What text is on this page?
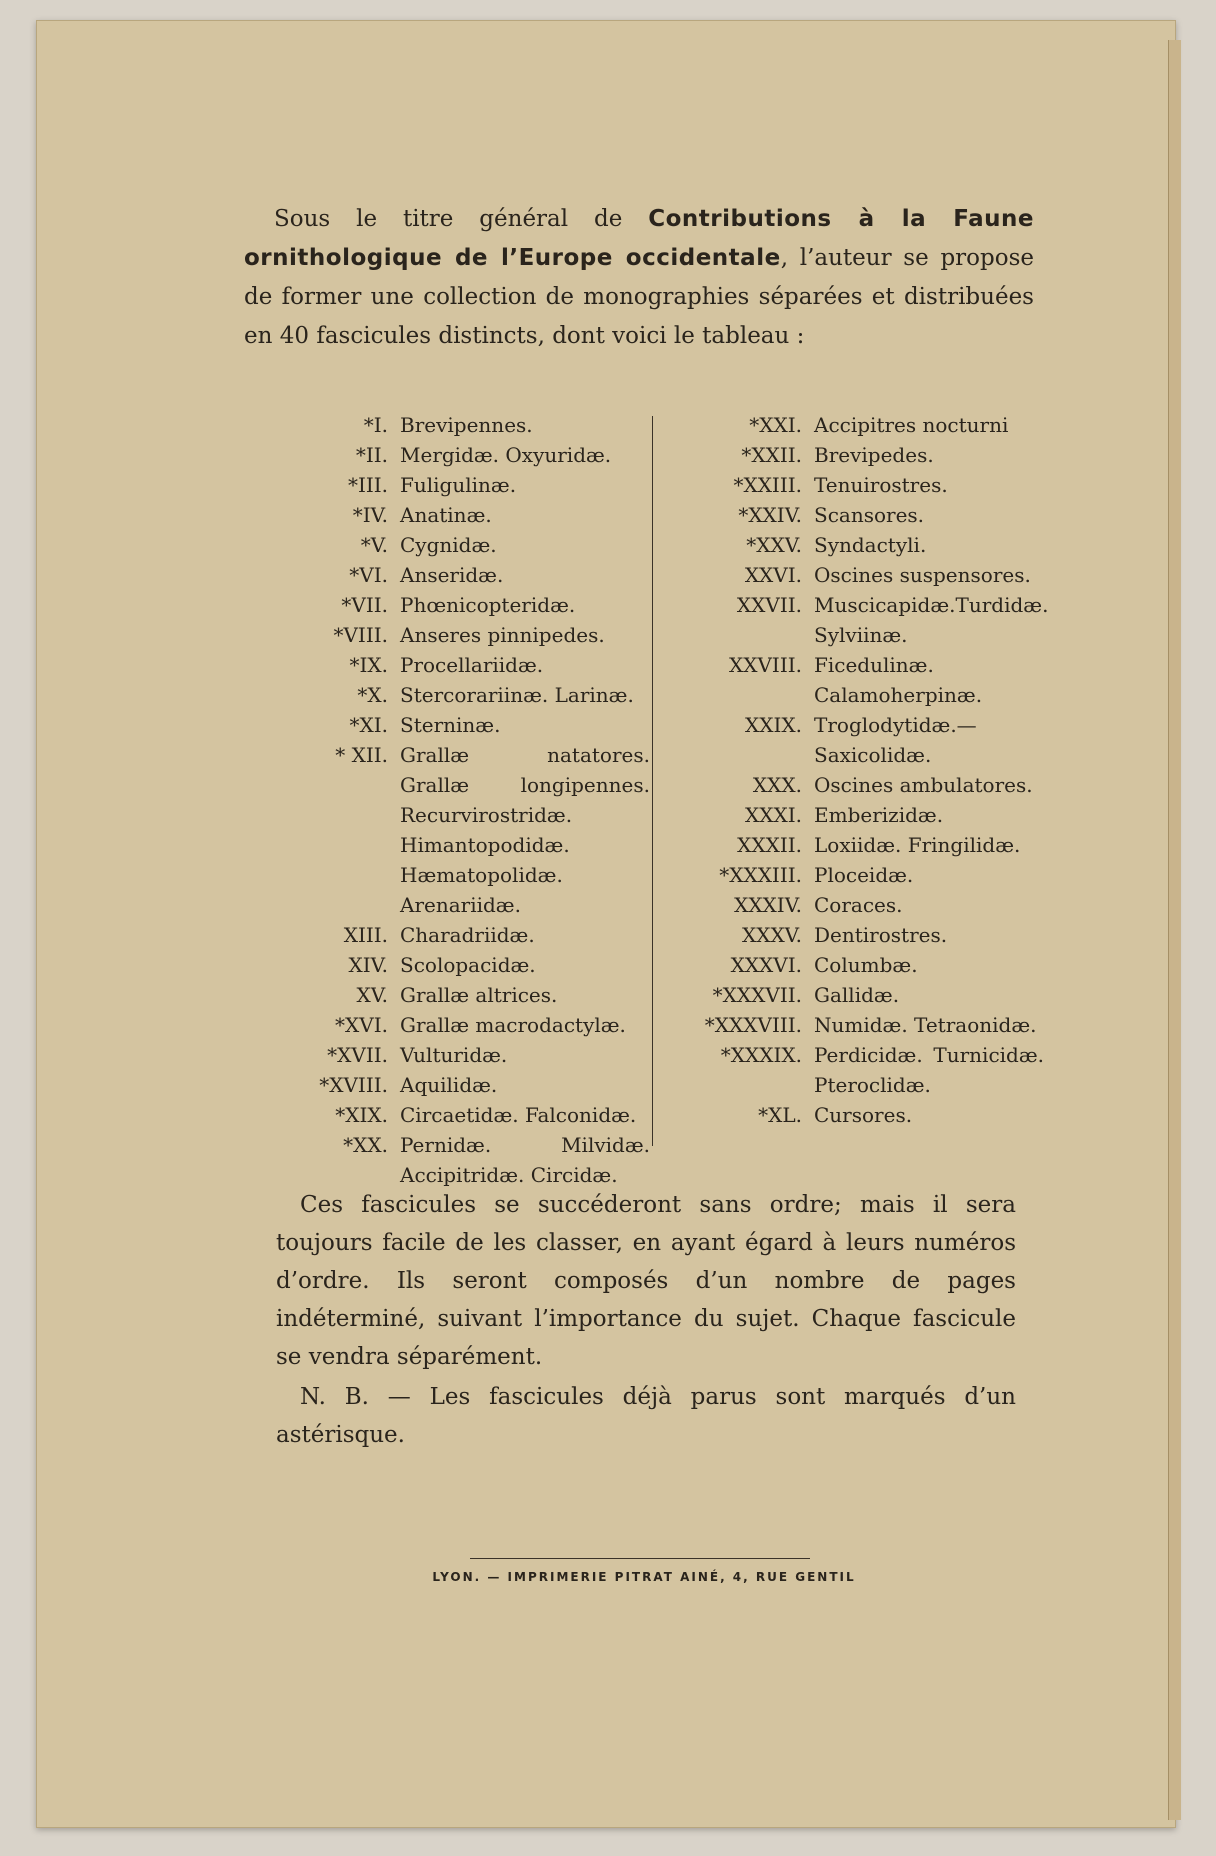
Sous le titre général de Contributions à la Faune ornithologique de l’Europe occidentale, l’auteur se propose de former une collection de monographies séparées et distribuées en 40 fascicules distincts, dont voici le tableau :
*I. Brevipennes.
*II. Mergidæ. Oxyuridæ.
*III. Fuligulinæ.
*IV. Anatinæ.
*V. Cygnidæ.
*VI. Anseridæ.
*VII. Phœnicopteridæ.
*VIII. Anseres pinnipedes.
*IX. Procellariidæ.
*X. Stercorariinæ. Larinæ.
*XI. Sterninæ.
* XII. Grallæ natatores. Grallæ longipennes. Recurvirostridæ. Himantopodidæ. Hæmatopolidæ. Arenariidæ.
XIII. Charadriidæ.
XIV. Scolopacidæ.
XV. Grallæ altrices.
*XVI. Grallæ macrodactylæ.
*XVII. Vulturidæ.
*XVIII. Aquilidæ.
*XIX. Circaetidæ. Falconidæ.
*XX. Pernidæ. Milvidæ. Accipitridæ. Circidæ.
*XXI. Accipitres nocturni
*XXII. Brevipedes.
*XXIII. Tenuirostres.
*XXIV. Scansores.
*XXV. Syndactyli.
XXVI. Oscines suspensores.
XXVII. Muscicapidæ.Turdidæ. Sylviinæ.
XXVIII. Ficedulinæ. Calamoherpinæ.
XXIX. Troglodytidæ.—Saxicolidæ.
XXX. Oscines ambulatores.
XXXI. Emberizidæ.
XXXII. Loxiidæ. Fringilidæ.
*XXXIII. Ploceidæ.
XXXIV. Coraces.
XXXV. Dentirostres.
XXXVI. Columbæ.
*XXXVII. Gallidæ.
*XXXVIII. Numidæ. Tetraonidæ.
*XXXIX. Perdicidæ. Turnicidæ. Pteroclidæ.
*XL. Cursores.
Ces fascicules se succéderont sans ordre; mais il sera toujours facile de les classer, en ayant égard à leurs numéros d’ordre. Ils seront composés d’un nombre de pages indéterminé, suivant l’importance du sujet. Chaque fascicule se vendra séparément.
N. B. — Les fascicules déjà parus sont marqués d’un astérisque.
LYON. — IMPRIMERIE PITRAT AINÉ, 4, RUE GENTIL
